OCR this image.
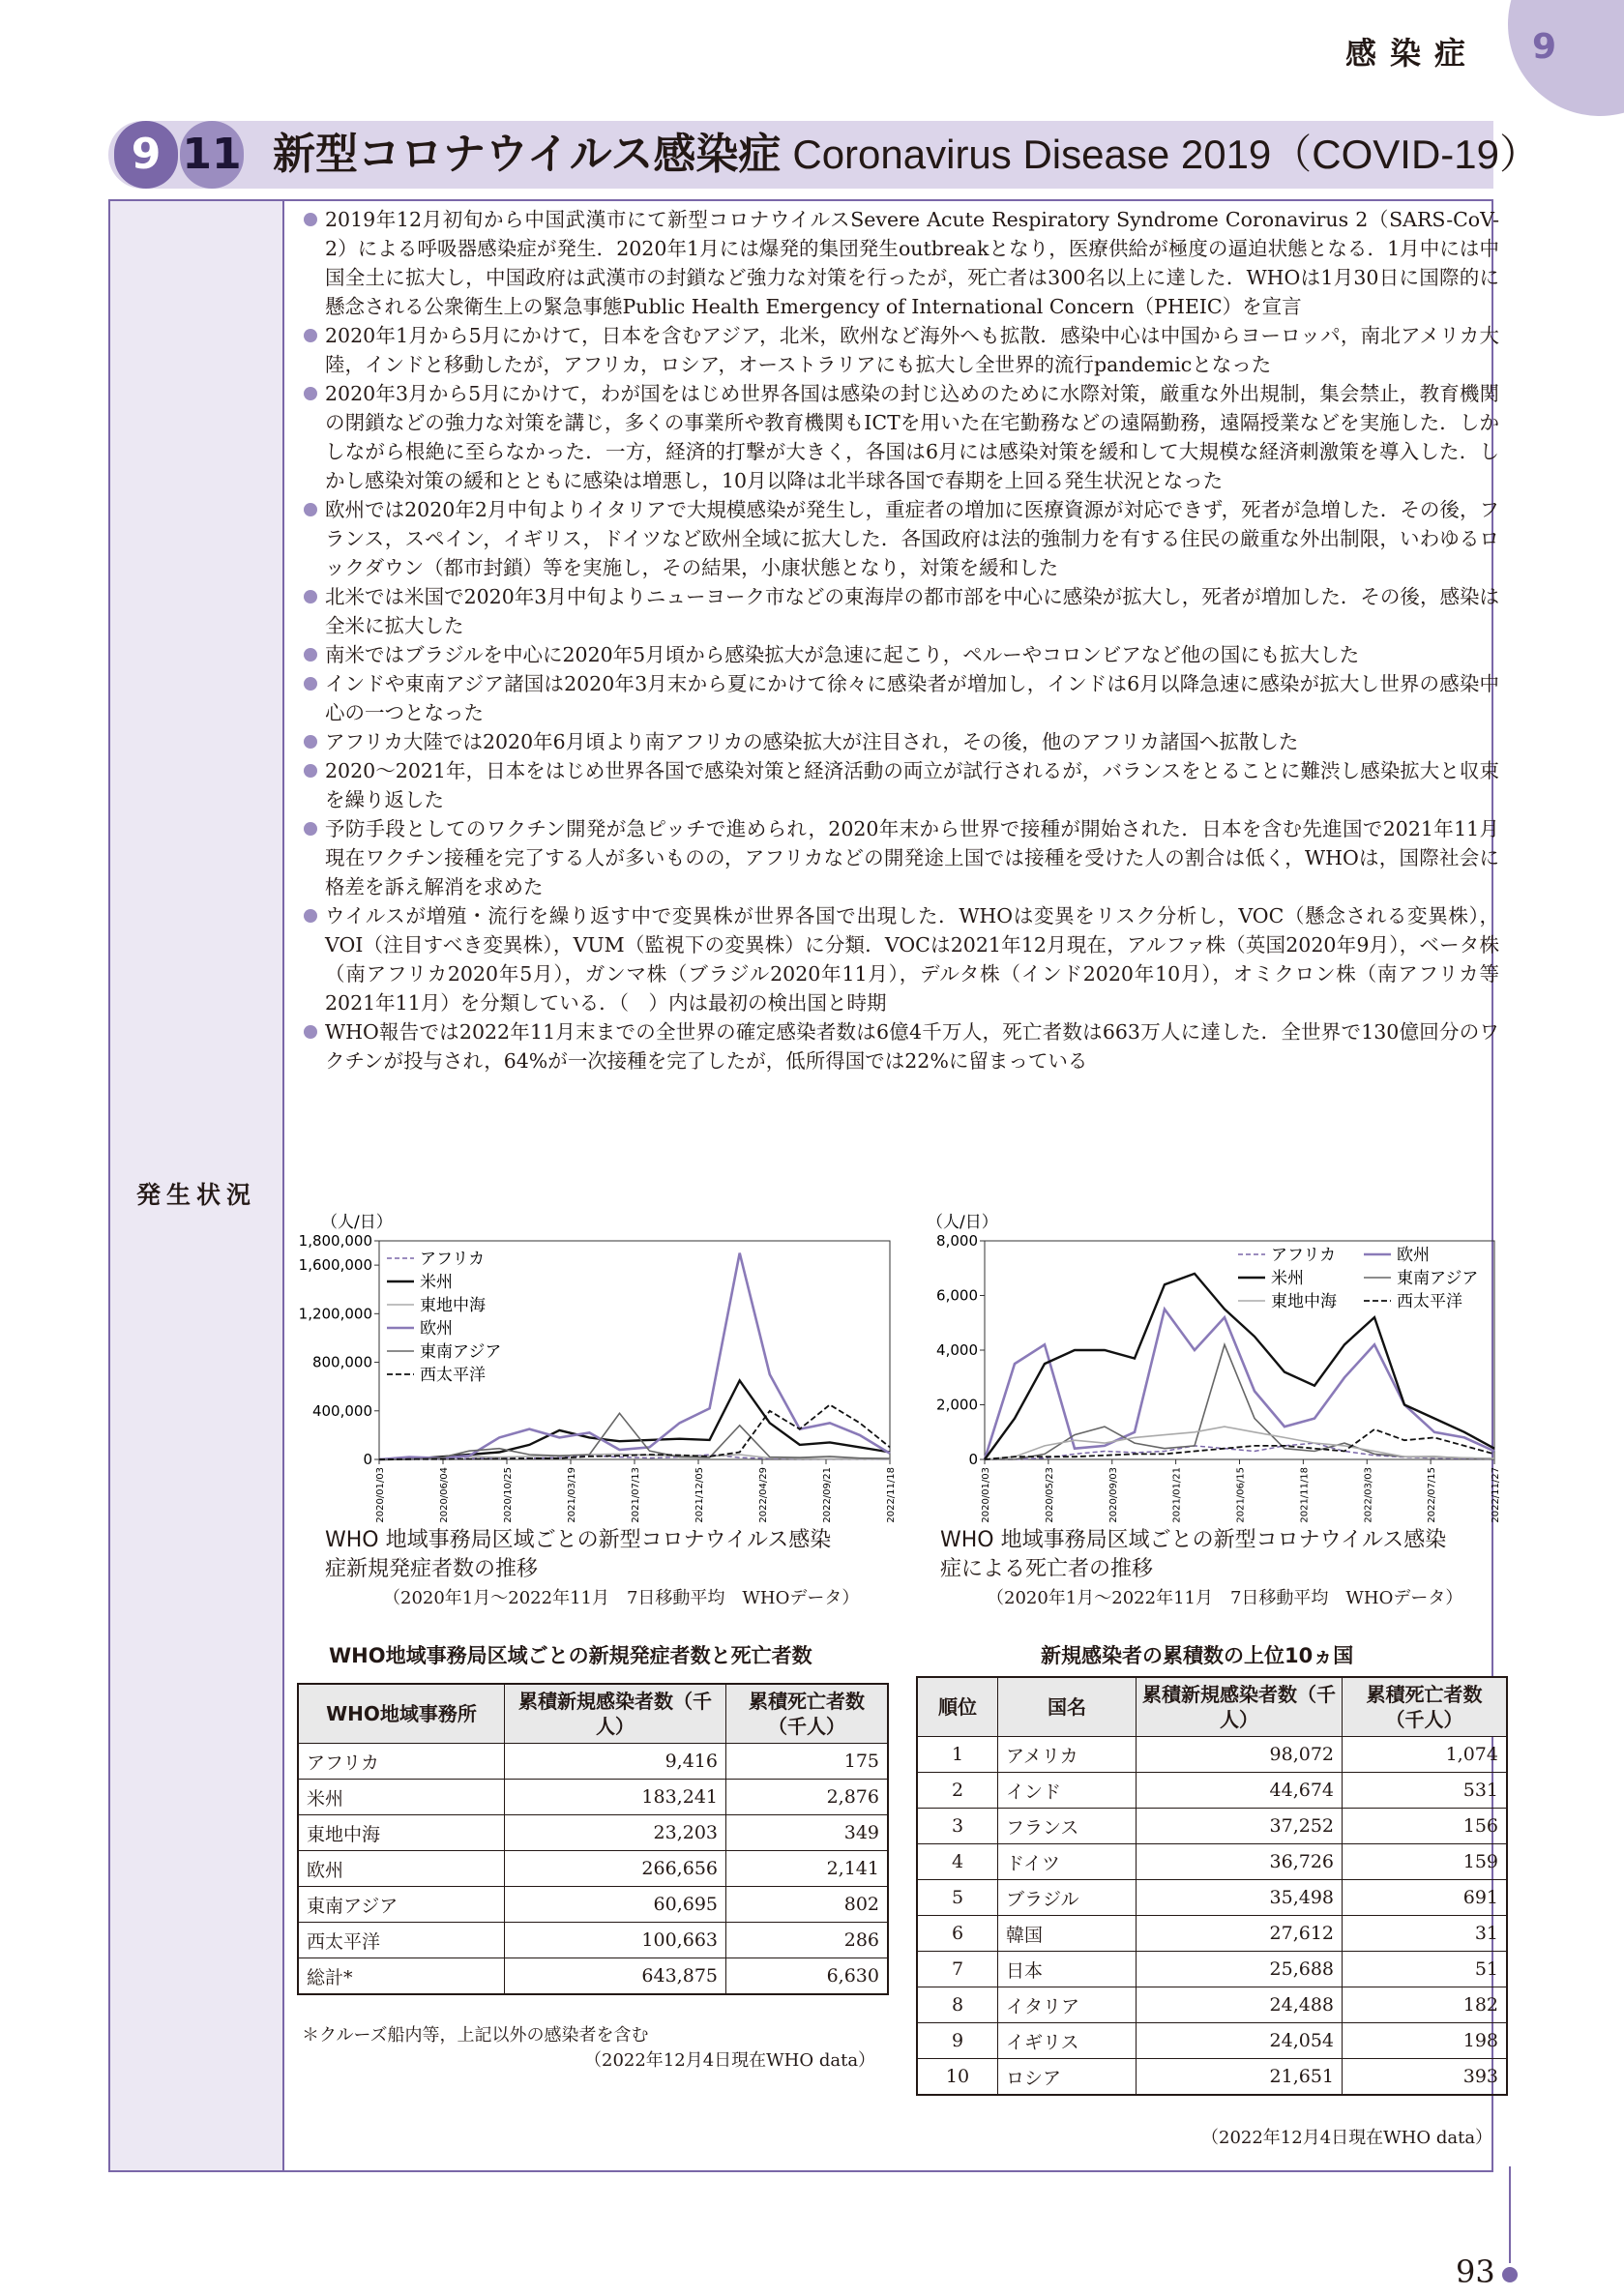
感染症 9
9 11 新型コロナウイルス感染症 Coronavirus Disease 2019（COVID-19）
発生状況

2019年12月初旬から中国武漢市にて新型コロナウイルスSevere Acute Respiratory Syndrome Coronavirus 2（SARS-CoV-2）による呼吸器感染症が発生．2020年1月には爆発的集団発生outbreakとなり，医療供給が極度の逼迫状態となる．1月中には中国全土に拡大し，中国政府は武漢市の封鎖など強力な対策を行ったが，死亡者は300名以上に達した．WHOは1月30日に国際的に懸念される公衆衛生上の緊急事態Public Health Emergency of International Concern（PHEIC）を宣言

2020年1月から5月にかけて，日本を含むアジア，北米，欧州など海外へも拡散．感染中心は中国からヨーロッパ，南北アメリカ大陸，インドと移動したが，アフリカ，ロシア，オーストラリアにも拡大し全世界的流行pandemicとなった

2020年3月から5月にかけて，わが国をはじめ世界各国は感染の封じ込めのために水際対策，厳重な外出規制，集会禁止，教育機関の閉鎖などの強力な対策を講じ，多くの事業所や教育機関もICTを用いた在宅勤務などの遠隔勤務，遠隔授業などを実施した．しかしながら根絶に至らなかった．一方，経済的打撃が大きく，各国は6月には感染対策を緩和して大規模な経済刺激策を導入した．しかし感染対策の緩和とともに感染は増悪し，10月以降は北半球各国で春期を上回る発生状況となった

欧州では2020年2月中旬よりイタリアで大規模感染が発生し，重症者の増加に医療資源が対応できず，死者が急増した．その後，フランス，スペイン，イギリス，ドイツなど欧州全域に拡大した．各国政府は法的強制力を有する住民の厳重な外出制限，いわゆるロックダウン（都市封鎖）等を実施し，その結果，小康状態となり，対策を緩和した

北米では米国で2020年3月中旬よりニューヨーク市などの東海岸の都市部を中心に感染が拡大し，死者が増加した．その後，感染は全米に拡大した

南米ではブラジルを中心に2020年5月頃から感染拡大が急速に起こり，ペルーやコロンビアなど他の国にも拡大した

インドや東南アジア諸国は2020年3月末から夏にかけて徐々に感染者が増加し，インドは6月以降急速に感染が拡大し世界の感染中心の一つとなった

アフリカ大陸では2020年6月頃より南アフリカの感染拡大が注目され，その後，他のアフリカ諸国へ拡散した

2020～2021年，日本をはじめ世界各国で感染対策と経済活動の両立が試行されるが，バランスをとることに難渋し感染拡大と収束を繰り返した

予防手段としてのワクチン開発が急ピッチで進められ，2020年末から世界で接種が開始された．日本を含む先進国で2021年11月現在ワクチン接種を完了する人が多いものの，アフリカなどの開発途上国では接種を受けた人の割合は低く，WHOは，国際社会に格差を訴え解消を求めた

ウイルスが増殖・流行を繰り返す中で変異株が世界各国で出現した．WHOは変異をリスク分析し，VOC（懸念される変異株），VOI（注目すべき変異株），VUM（監視下の変異株）に分類．VOCは2021年12月現在，アルファ株（英国2020年9月），ベータ株（南アフリカ2020年5月），ガンマ株（ブラジル2020年11月），デルタ株（インド2020年10月），オミクロン株（南アフリカ等2021年11月）を分類している．（　）内は最初の検出国と時期

WHO報告では2022年11月末までの全世界の確定感染者数は6億4千万人，死亡者数は663万人に達した．全世界で130億回分のワクチンが投与され，64%が一次接種を完了したが，低所得国では22%に留まっている

（人/日）
0
400,000
800,000
1,200,000
1,600,000
1,800,000
2020/01/03	2020/06/04	2020/10/25	2021/03/19	2021/07/13	2021/12/05	2022/04/29	2022/09/21	2022/11/18
アフリカ
米州
東地中海
欧州
東南アジア
西太平洋
WHO 地域事務局区域ごとの新型コロナウイルス感染
症新規発症者数の推移
（2020年1月～2022年11月　7日移動平均　WHOデータ）
（人/日）
0
2,000
4,000
6,000
8,000
2020/01/03	2020/05/23	2020/09/03	2021/01/21	2021/06/15	2021/11/18	2022/03/03	2022/07/15	2022/11/27
アフリカ	欧州
米州	東南アジア
東地中海	西太平洋
WHO 地域事務局区域ごとの新型コロナウイルス感染
症による死亡者の推移
（2020年1月～2022年11月　7日移動平均　WHOデータ）
WHO地域事務局区域ごとの新規発症者数と死亡者数
WHO地域事務所	累積新規感染者数（千人）	累積死亡者数（千人）
アフリカ	9,416	175
米州	183,241	2,876
東地中海	23,203	349
欧州	266,656	2,141
東南アジア	60,695	802
西太平洋	100,663	286
総計*	643,875	6,630
＊クルーズ船内等，上記以外の感染者を含む
（2022年12月4日現在WHO data）
新規感染者の累積数の上位10ヵ国
順位	国名	累積新規感染者数（千人）	累積死亡者数（千人）
1	アメリカ	98,072	1,074
2	インド	44,674	531
3	フランス	37,252	156
4	ドイツ	36,726	159
5	ブラジル	35,498	691
6	韓国	27,612	31
7	日本	25,688	51
8	イタリア	24,488	182
9	イギリス	24,054	198
10	ロシア	21,651	393
（2022年12月4日現在WHO data）
93
